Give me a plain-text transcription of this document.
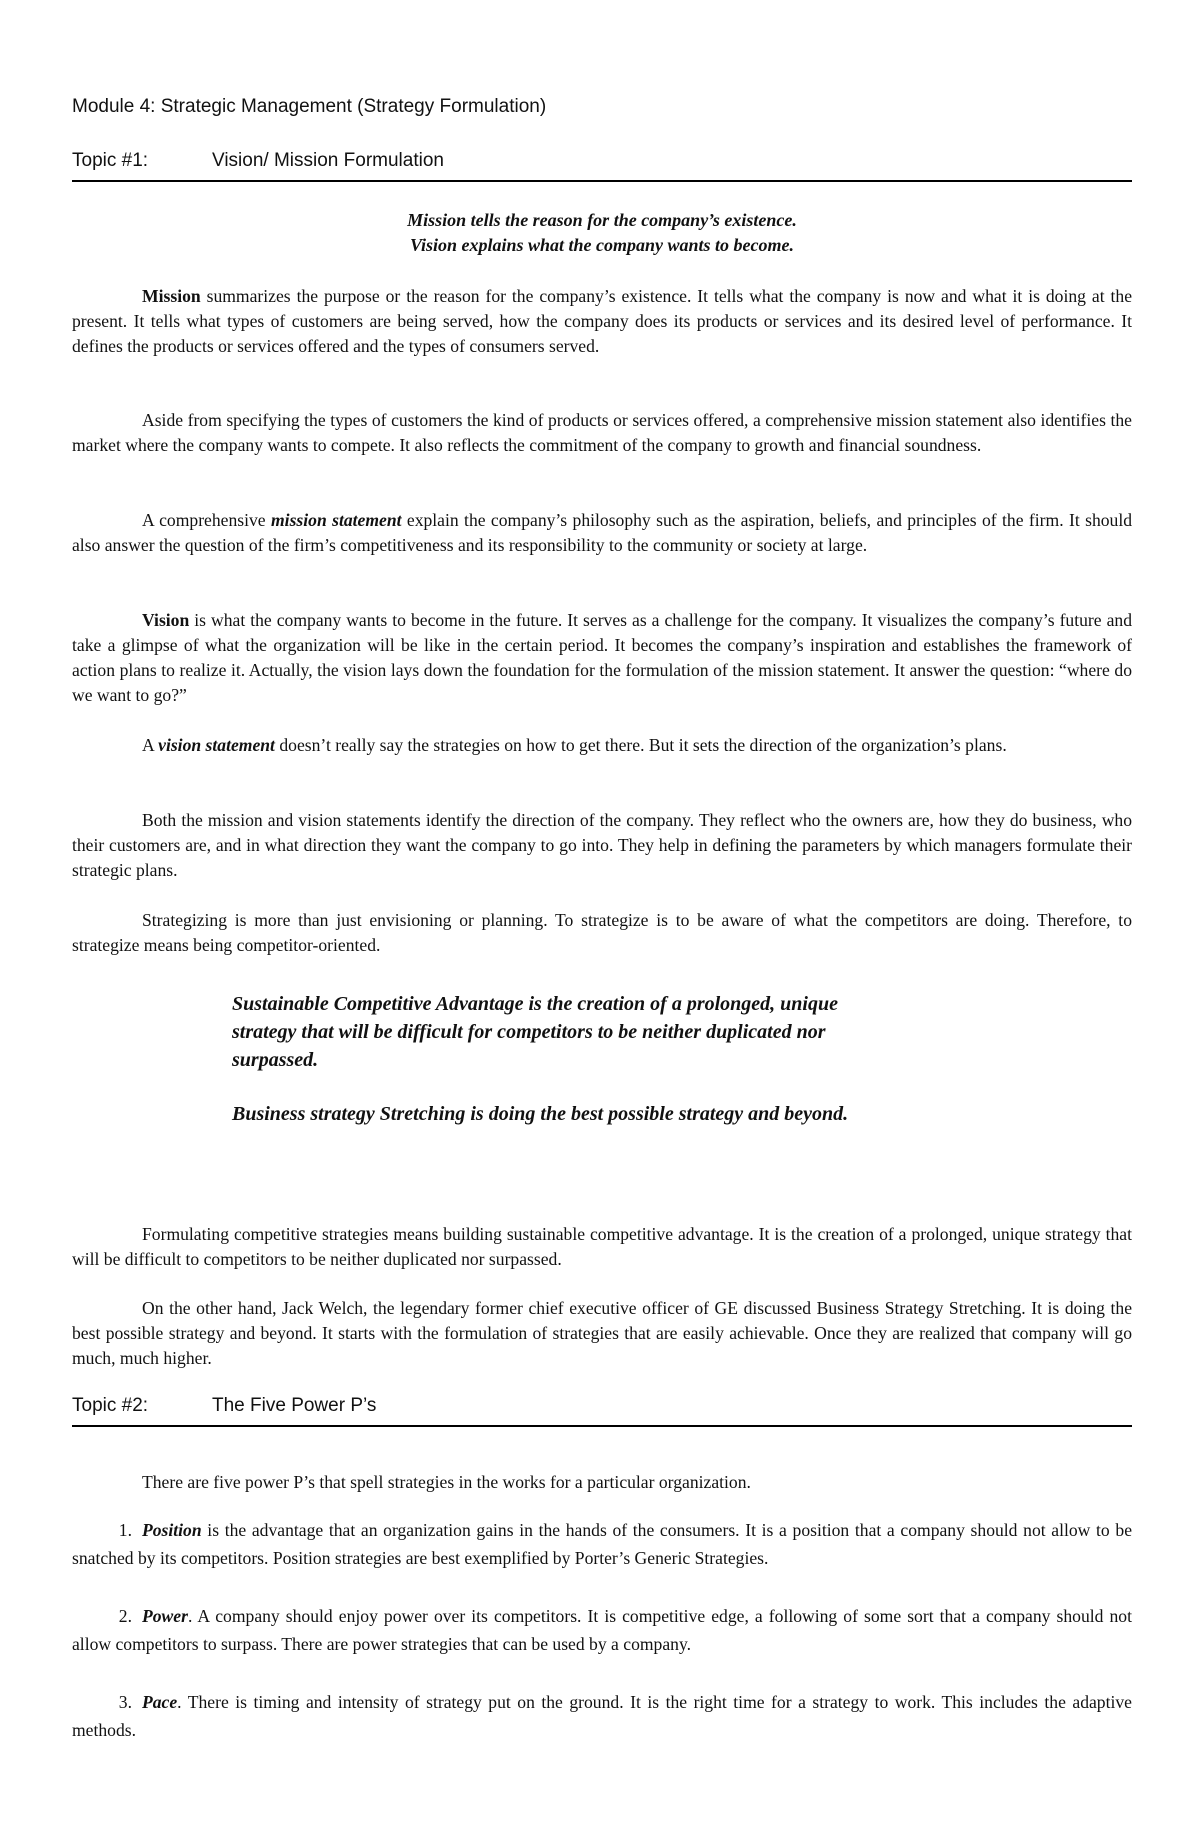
Module 4: Strategic Management (Strategy Formulation)
Topic #1:	Vision/ Mission Formulation
Mission tells the reason for the company’s existence.
Vision explains what the company wants to become.
Mission summarizes the purpose or the reason for the company’s existence. It tells what the company is now and what it is doing at the present. It tells what types of customers are being served, how the company does its products or services and its desired level of performance. It defines the products or services offered and the types of consumers served.
Aside from specifying the types of customers the kind of products or services offered, a comprehensive mission statement also identifies the market where the company wants to compete. It also reflects the commitment of the company to growth and financial soundness.
A comprehensive mission statement explain the company’s philosophy such as the aspiration, beliefs, and principles of the firm. It should also answer the question of the firm’s competitiveness and its responsibility to the community or society at large.
Vision is what the company wants to become in the future. It serves as a challenge for the company. It visualizes the company’s future and take a glimpse of what the organization will be like in the certain period. It becomes the company’s inspiration and establishes the framework of action plans to realize it. Actually, the vision lays down the foundation for the formulation of the mission statement. It answer the question: “where do we want to go?”
A vision statement doesn’t really say the strategies on how to get there. But it sets the direction of the organization’s plans.
Both the mission and vision statements identify the direction of the company. They reflect who the owners are, how they do business, who their customers are, and in what direction they want the company to go into. They help in defining the parameters by which managers formulate their strategic plans.
Strategizing is more than just envisioning or planning. To strategize is to be aware of what the competitors are doing. Therefore, to strategize means being competitor-oriented.
Sustainable Competitive Advantage is the creation of a prolonged, unique strategy that will be difficult for competitors to be neither duplicated nor surpassed.
Business strategy Stretching is doing the best possible strategy and beyond.
Formulating competitive strategies means building sustainable competitive advantage. It is the creation of a prolonged, unique strategy that will be difficult to competitors to be neither duplicated nor surpassed.
On the other hand, Jack Welch, the legendary former chief executive officer of GE discussed Business Strategy Stretching. It is doing the best possible strategy and beyond. It starts with the formulation of strategies that are easily achievable. Once they are realized that company will go much, much higher.
Topic #2:	The Five Power P’s
There are five power P’s that spell strategies in the works for a particular organization.
1. Position is the advantage that an organization gains in the hands of the consumers. It is a position that a company should not allow to be snatched by its competitors. Position strategies are best exemplified by Porter’s Generic Strategies.
2. Power. A company should enjoy power over its competitors. It is competitive edge, a following of some sort that a company should not allow competitors to surpass. There are power strategies that can be used by a company.
3. Pace. There is timing and intensity of strategy put on the ground. It is the right time for a strategy to work. This includes the adaptive methods.
